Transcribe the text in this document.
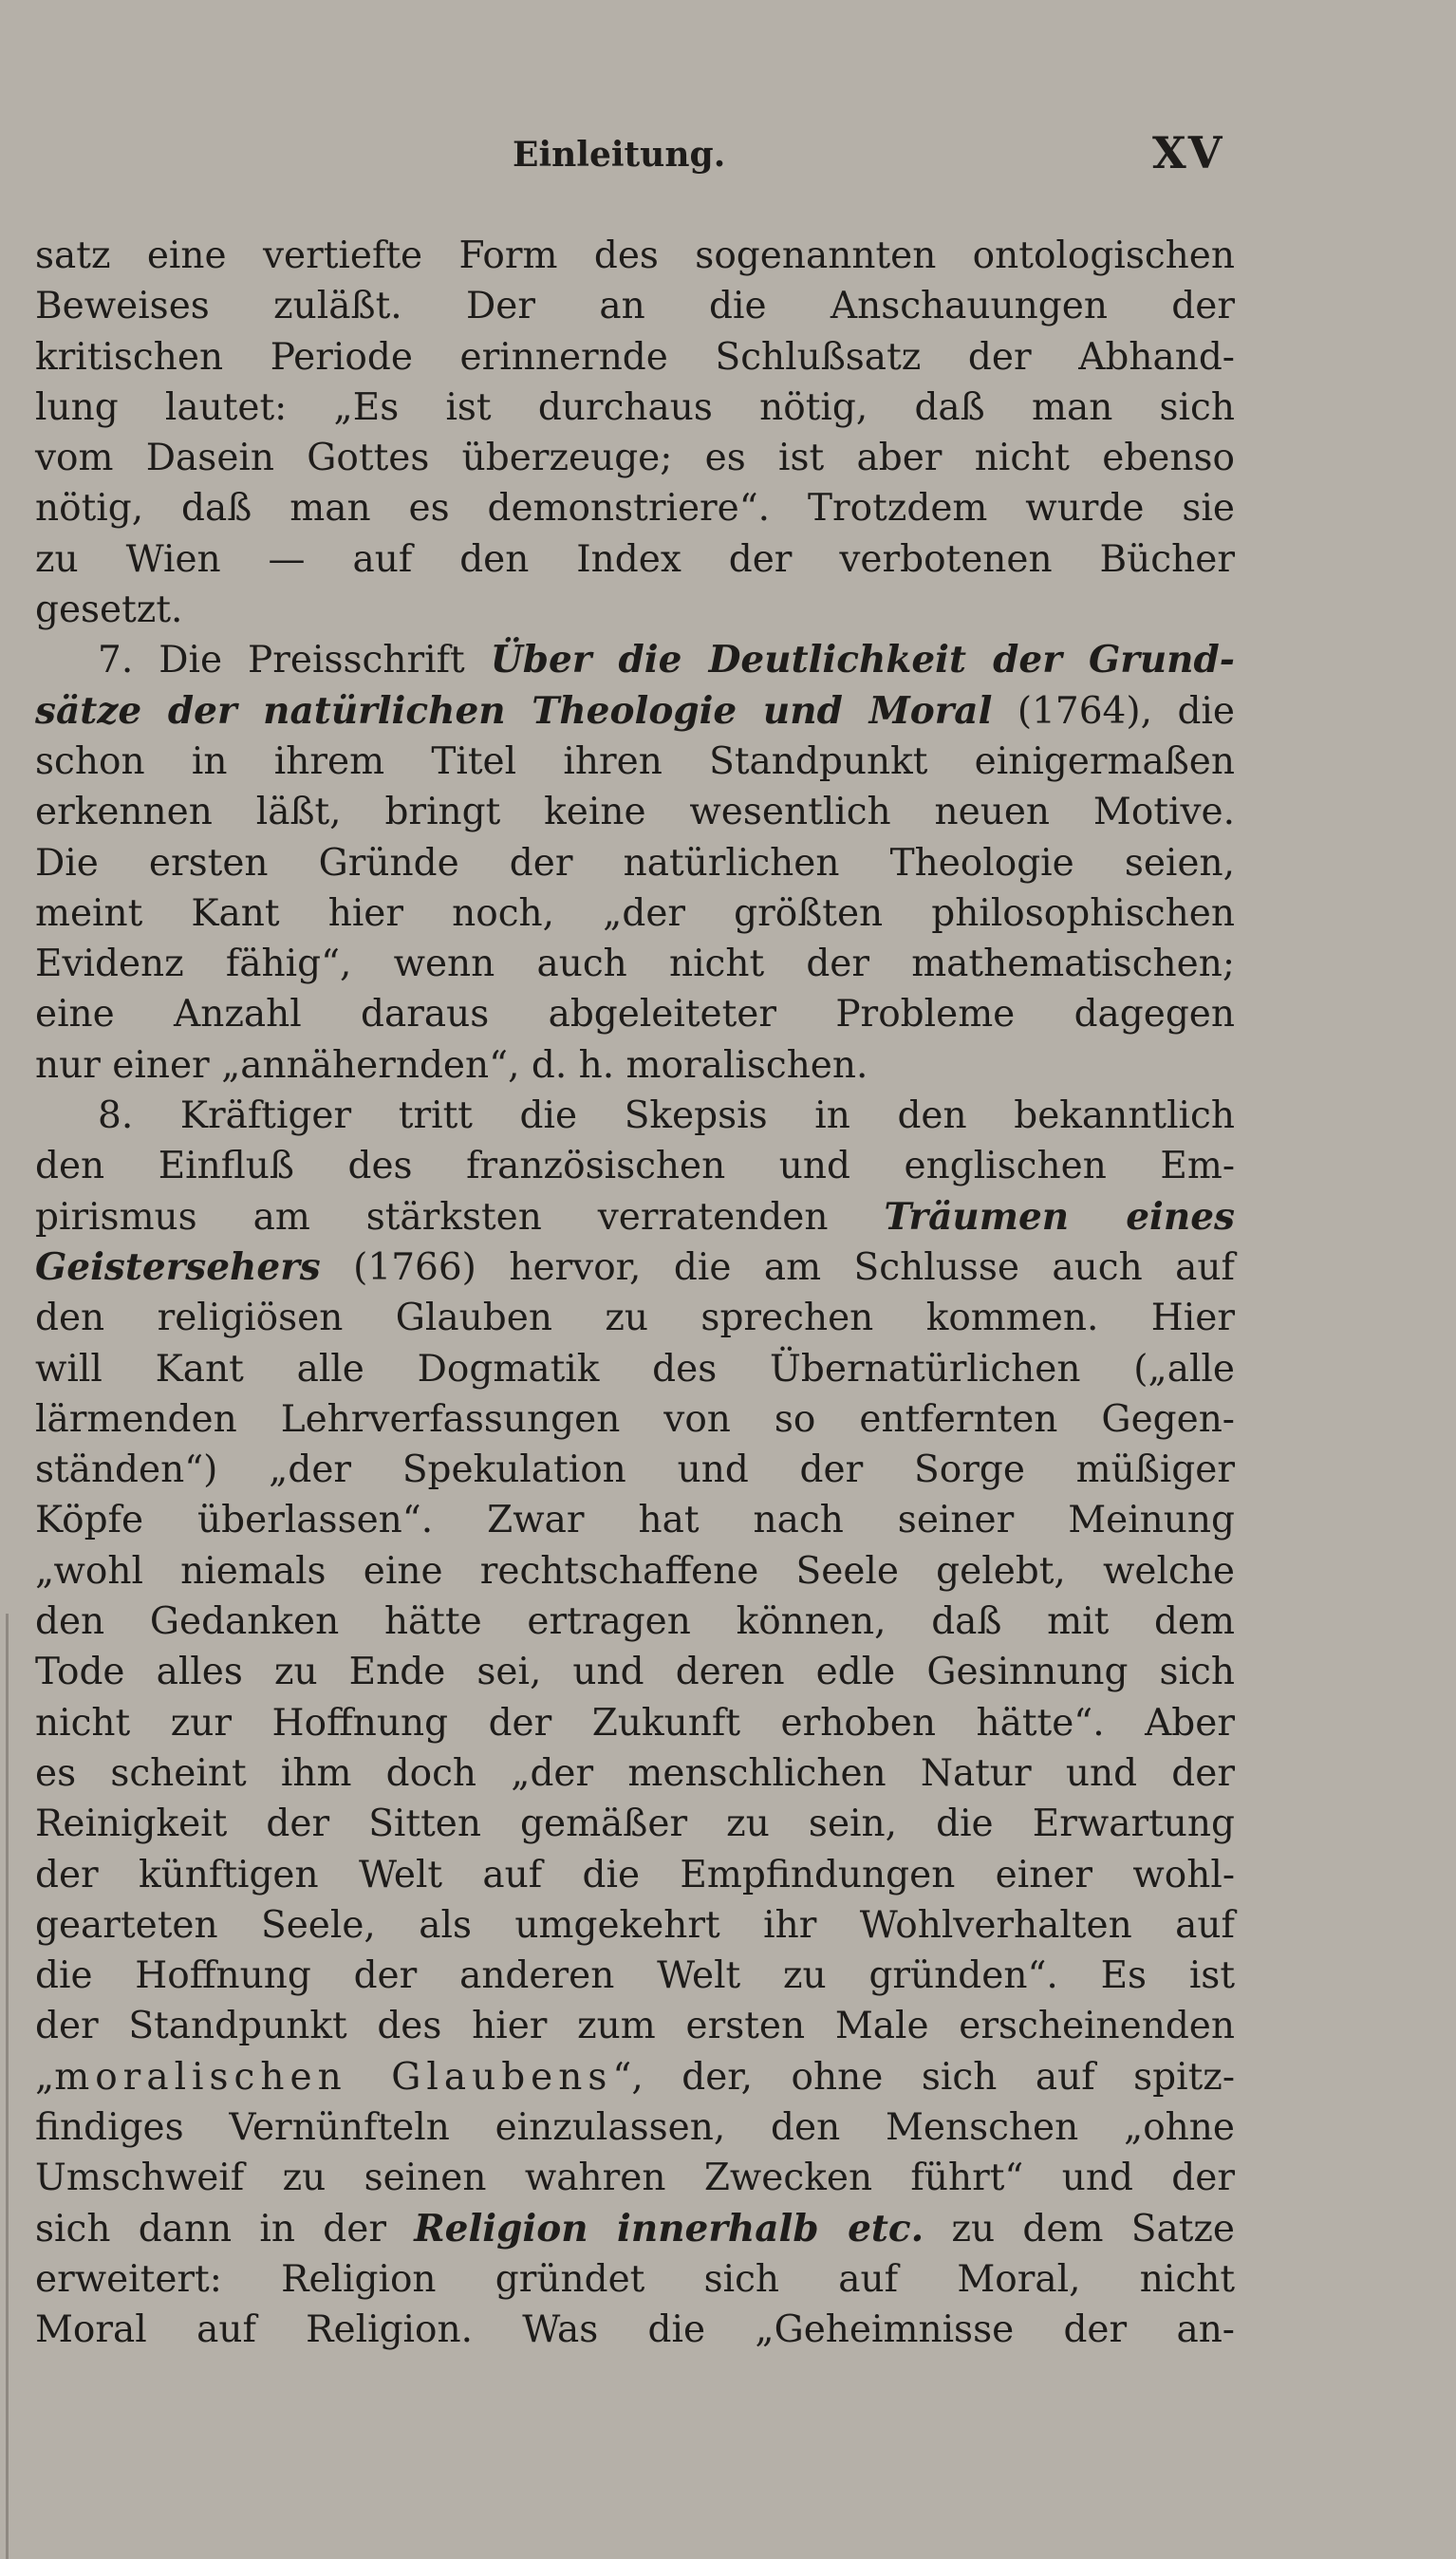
Einleitung.	XV
satz eine vertiefte Form des sogenannten ontologischen
Beweises zuläßt. Der an die Anschauungen der
kritischen Periode erinnernde Schlußsatz der Abhand-
lung lautet: „Es ist durchaus nötig, daß man sich
vom Dasein Gottes überzeuge; es ist aber nicht ebenso
nötig, daß man es demonstriere“. Trotzdem wurde sie
zu Wien — auf den Index der verbotenen Bücher
gesetzt.
7. Die Preisschrift Über die Deutlichkeit der Grund-
sätze der natürlichen Theologie und Moral (1764), die
schon in ihrem Titel ihren Standpunkt einigermaßen
erkennen läßt, bringt keine wesentlich neuen Motive.
Die ersten Gründe der natürlichen Theologie seien,
meint Kant hier noch, „der größten philosophischen
Evidenz fähig“, wenn auch nicht der mathematischen;
eine Anzahl daraus abgeleiteter Probleme dagegen
nur einer „annähernden“, d. h. moralischen.
8. Kräftiger tritt die Skepsis in den bekanntlich
den Einfluß des französischen und englischen Em-
pirismus am stärksten verratenden Träumen eines
Geistersehers (1766) hervor, die am Schlusse auch auf
den religiösen Glauben zu sprechen kommen. Hier
will Kant alle Dogmatik des Übernatürlichen („alle
lärmenden Lehrverfassungen von so entfernten Gegen-
ständen“) „der Spekulation und der Sorge müßiger
Köpfe überlassen“. Zwar hat nach seiner Meinung
„wohl niemals eine rechtschaffene Seele gelebt, welche
den Gedanken hätte ertragen können, daß mit dem
Tode alles zu Ende sei, und deren edle Gesinnung sich
nicht zur Hoffnung der Zukunft erhoben hätte“. Aber
es scheint ihm doch „der menschlichen Natur und der
Reinigkeit der Sitten gemäßer zu sein, die Erwartung
der künftigen Welt auf die Empfindungen einer wohl-
gearteten Seele, als umgekehrt ihr Wohlverhalten auf
die Hoffnung der anderen Welt zu gründen“. Es ist
der Standpunkt des hier zum ersten Male erscheinenden
„moralischen Glaubens“, der, ohne sich auf spitz-
findiges Vernünfteln einzulassen, den Menschen „ohne
Umschweif zu seinen wahren Zwecken führt“ und der
sich dann in der Religion innerhalb etc. zu dem Satze
erweitert: Religion gründet sich auf Moral, nicht
Moral auf Religion. Was die „Geheimnisse der an-
